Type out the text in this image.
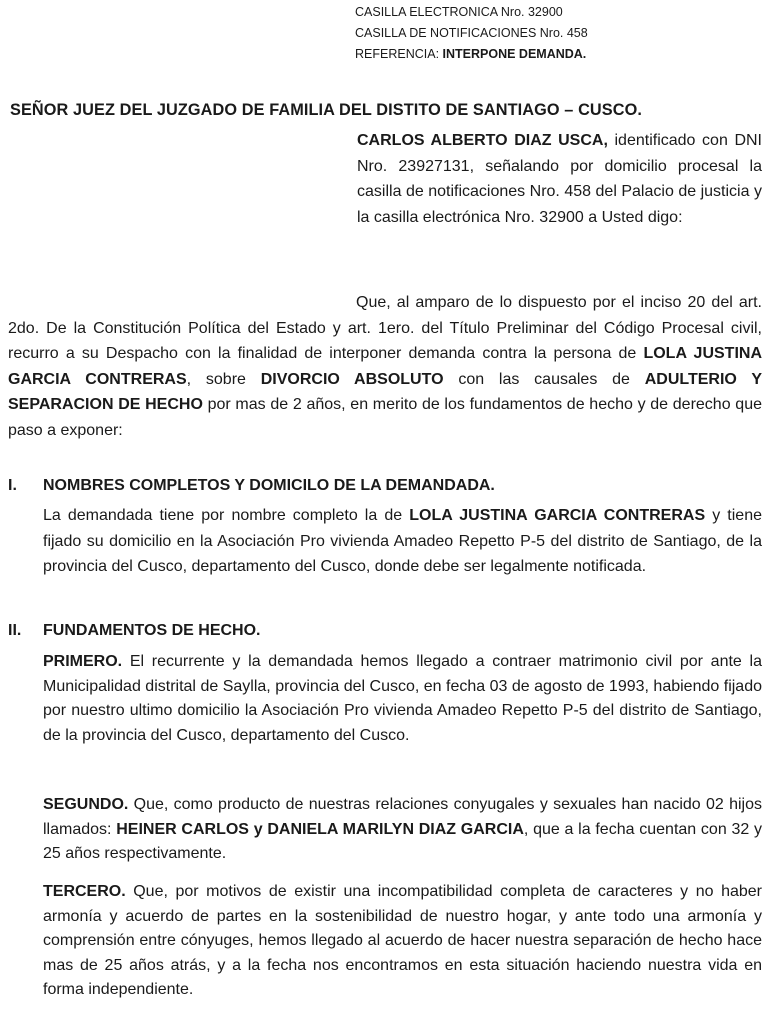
CASILLA ELECTRONICA Nro. 32900
CASILLA DE NOTIFICACIONES Nro. 458
REFERENCIA: INTERPONE DEMANDA.
SEÑOR JUEZ DEL JUZGADO DE FAMILIA DEL DISTITO DE SANTIAGO – CUSCO.
CARLOS ALBERTO DIAZ USCA, identificado con DNI Nro. 23927131, señalando por domicilio procesal la casilla de notificaciones Nro. 458 del Palacio de justicia y la casilla electrónica Nro. 32900 a Usted digo:
Que, al amparo de lo dispuesto por el inciso 20 del art. 2do. De la Constitución Política del Estado y art. 1ero. del Título Preliminar del Código Procesal civil, recurro a su Despacho con la finalidad de interponer demanda contra la persona de LOLA JUSTINA GARCIA CONTRERAS, sobre DIVORCIO ABSOLUTO con las causales de ADULTERIO Y SEPARACION DE HECHO por mas de 2 años, en merito de los fundamentos de hecho y de derecho que paso a exponer:
I. NOMBRES COMPLETOS Y DOMICILO DE LA DEMANDADA.
La demandada tiene por nombre completo la de LOLA JUSTINA GARCIA CONTRERAS y tiene fijado su domicilio en la Asociación Pro vivienda Amadeo Repetto P-5 del distrito de Santiago, de la provincia del Cusco, departamento del Cusco, donde debe ser legalmente notificada.
II. FUNDAMENTOS DE HECHO.
PRIMERO. El recurrente y la demandada hemos llegado a contraer matrimonio civil por ante la Municipalidad distrital de Saylla, provincia del Cusco, en fecha 03 de agosto de 1993, habiendo fijado por nuestro ultimo domicilio la Asociación Pro vivienda Amadeo Repetto P-5 del distrito de Santiago, de la provincia del Cusco, departamento del Cusco.
SEGUNDO. Que, como producto de nuestras relaciones conyugales y sexuales han nacido 02 hijos llamados: HEINER CARLOS y DANIELA MARILYN DIAZ GARCIA, que a la fecha cuentan con 32 y 25 años respectivamente.
TERCERO. Que, por motivos de existir una incompatibilidad completa de caracteres y no haber armonía y acuerdo de partes en la sostenibilidad de nuestro hogar, y ante todo una armonía y comprensión entre cónyuges, hemos llegado al acuerdo de hacer nuestra separación de hecho hace mas de 25 años atrás, y a la fecha nos encontramos en esta situación haciendo nuestra vida en forma independiente.
